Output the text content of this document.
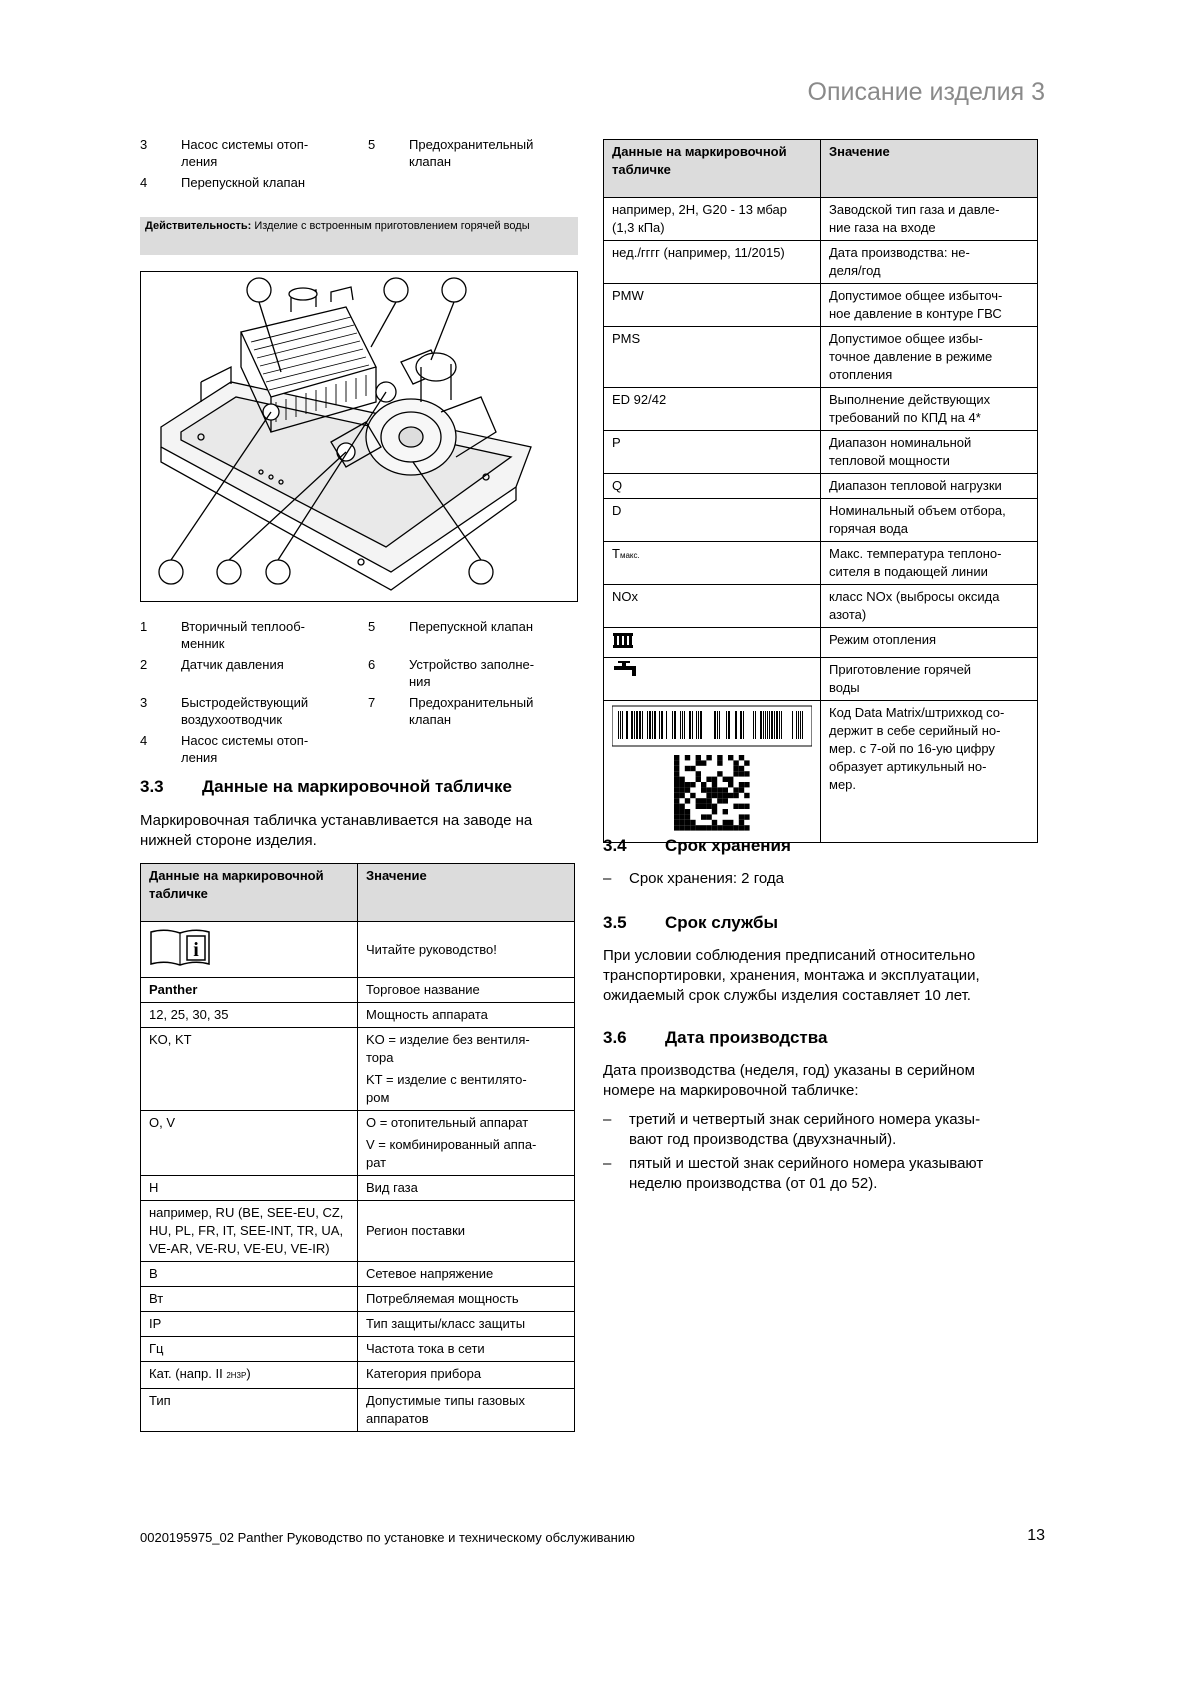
Описание изделия 3
3	Насос системы отоп-
ления		5	Предохранительный
клапан
4	Перепускной клапан			
Действительность: Изделие с встроенным приготовлением горячей воды
1	Вторичный теплооб-
менник		5	Перепускной клапан
2	Датчик давления		6	Устройство заполне-
ния
3	Быстродействующий
воздухоотводчик		7	Предохранительный
клапан
4	Насос системы отоп-
ления			
3.3 Данные на маркировочной табличке

Маркировочная табличка устанавливается на заводе на нижней стороне изделия.

Данные на маркировочной табличке	Значение

i	Читайте руководство!
Panther	Торговое название
12, 25, 30, 35	Мощность аппарата
KO, KT	KO = изделие без вентиля-
тора
KT = изделие с вентилято-
ром

O, V	O = отопительный аппарат
V = комбинированный аппа-
рат

H	Вид газа
например, RU (BE, SEE-EU, CZ, HU, PL, FR, IT, SEE-INT, TR, UA, VE-AR, VE-RU, VE-EU, VE-IR)	Регион поставки
B	Сетевое напряжение
Вт	Потребляемая мощность
IP	Тип защиты/класс защиты
Гц	Частота тока в сети
Кат. (напр. II 2H3P)	Категория прибора
Тип	Допустимые типы газовых
аппаратов
Данные на маркировочной табличке	Значение
например, 2H, G20 - 13 мбар (1,3 кПа)	Заводской тип газа и давле-
ние газа на входе
нед./гггг (например, 11/2015)	Дата производства: не-
деля/год
PMW	Допустимое общее избыточ-
ное давление в контуре ГВС
PMS	Допустимое общее избы-
точное давление в режиме
отопления
ED 92/42	Выполнение действующих
требований по КПД на 4*
P	Диапазон номинальной
тепловой мощности
Q	Диапазон тепловой нагрузки
D	Номинальный объем отбора,
горячая вода
Tмакс.	Макс. температура теплоно-
сителя в подающей линии
NOx	класс NOx (выбросы оксида
азота)
	Режим отопления
	Приготовление горячей
воды
	Код Data Matrix/штрихкод со-
держит в себе серийный но-
мер. с 7-ой по 16-ую цифру
образует артикульный но-
мер.
3.4 Срок хранения
– Срок хранения: 2 года
3.5 Срок службы

При условии соблюдения предписаний относительно транспортировки, хранения, монтажа и эксплуатации, ожидаемый срок службы изделия составляет 10 лет.

3.6 Дата производства

Дата производства (неделя, год) указаны в серийном номере на маркировочной табличке:

– третий и четвертый знак серийного номера указы-
вают год производства (двухзначный).
– пятый и шестой знак серийного номера указывают
неделю производства (от 01 до 52).
0020195975_02 Panther Руководство по установке и техническому обслуживанию	13
